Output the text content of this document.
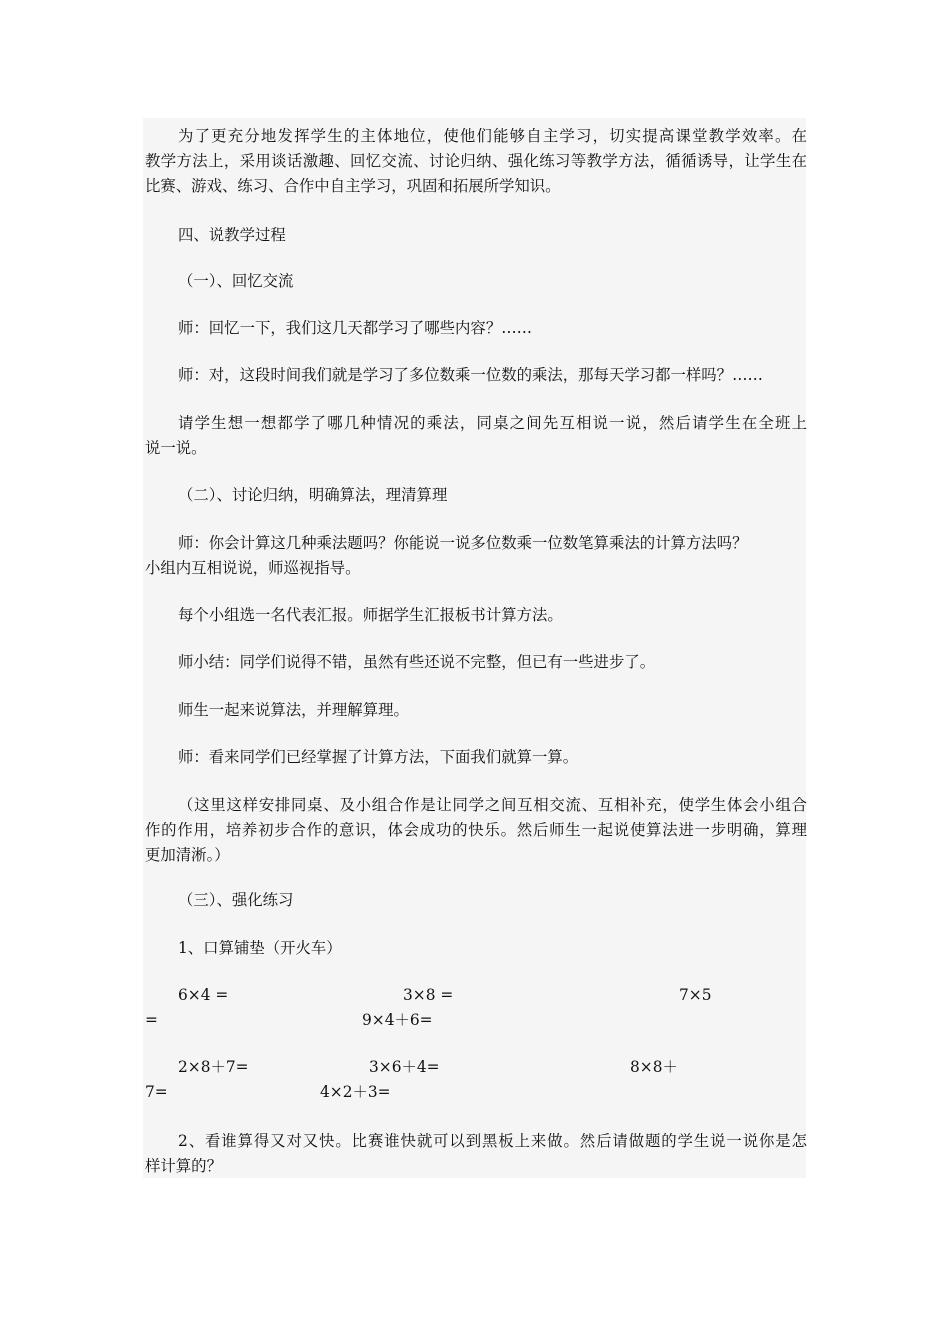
为了更充分地发挥学生的主体地位，使他们能够自主学习，切实提高课堂教学效率。在
教学方法上，采用谈话激趣、回忆交流、讨论归纳、强化练习等教学方法，循循诱导，让学生在
比赛、游戏、练习、合作中自主学习，巩固和拓展所学知识。
四、说教学过程
（一）、回忆交流
师：回忆一下，我们这几天都学习了哪些内容？……
师：对，这段时间我们就是学习了多位数乘一位数的乘法，那每天学习都一样吗？……
请学生想一想都学了哪几种情况的乘法，同桌之间先互相说一说，然后请学生在全班上
说一说。
（二）、讨论归纳，明确算法，理清算理
师：你会计算这几种乘法题吗？你能说一说多位数乘一位数笔算乘法的计算方法吗？
小组内互相说说，师巡视指导。
每个小组选一名代表汇报。师据学生汇报板书计算方法。
师小结：同学们说得不错，虽然有些还说不完整，但已有一些进步了。
师生一起来说算法，并理解算理。
师：看来同学们已经掌握了计算方法，下面我们就算一算。
（这里这样安排同桌、及小组合作是让同学之间互相交流、互相补充，使学生体会小组合
作的作用，培养初步合作的意识，体会成功的快乐。然后师生一起说使算法进一步明确，算理
更加清淅。）
（三）、强化练习
1、口算铺垫（开火车）
6×4 =	3×8 =	7×5
=	9×4＋6=
2×8＋7=	3×6＋4=	8×8＋
7=	4×2＋3=
2、看谁算得又对又快。比赛谁快就可以到黑板上来做。然后请做题的学生说一说你是怎
样计算的？
